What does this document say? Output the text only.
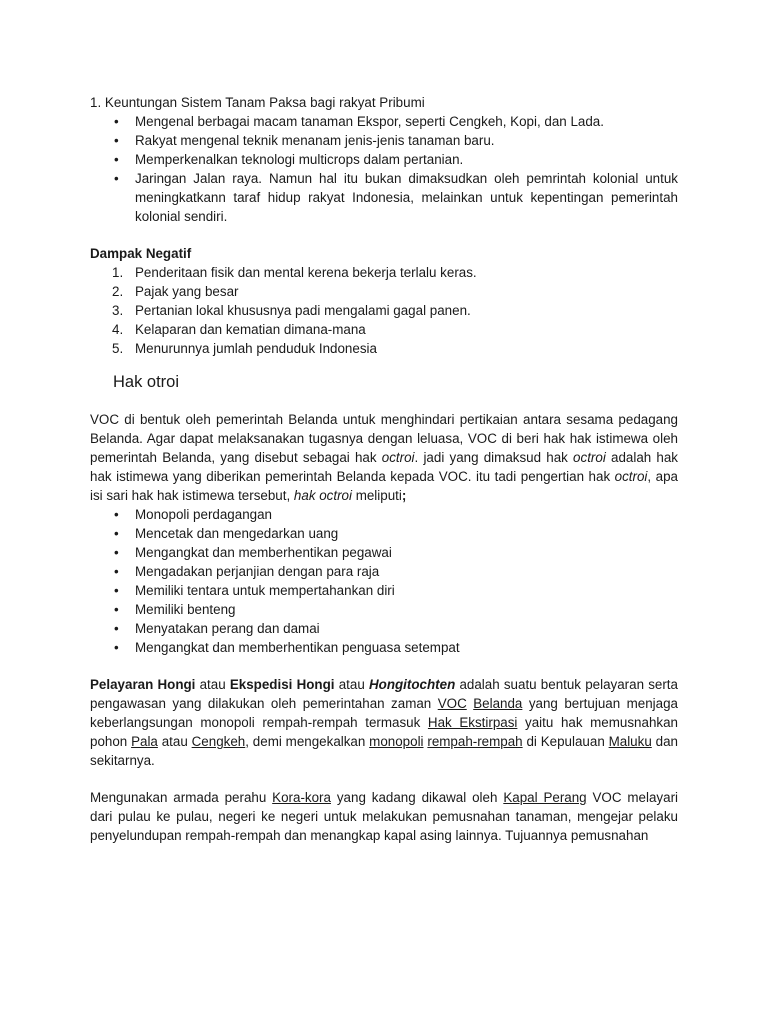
1. Keuntungan Sistem Tanam Paksa bagi rakyat Pribumi

• Mengenal berbagai macam tanaman Ekspor, seperti Cengkeh, Kopi, dan Lada.
• Rakyat mengenal teknik menanam jenis-jenis tanaman baru.
• Memperkenalkan teknologi multicrops dalam pertanian.
• Jaringan Jalan raya. Namun hal itu bukan dimaksudkan oleh pemrintah kolonial untuk meningkatkann taraf hidup rakyat Indonesia, melainkan untuk kepentingan pemerintah kolonial sendiri.

Dampak Negatif

1. Penderitaan fisik dan mental kerena bekerja terlalu keras.
2. Pajak yang besar
3. Pertanian lokal khususnya padi mengalami gagal panen.
4. Kelaparan dan kematian dimana-mana
5. Menurunnya jumlah penduduk Indonesia

Hak otroi

VOC di bentuk oleh pemerintah Belanda untuk menghindari pertikaian antara sesama pedagang Belanda. Agar dapat melaksanakan tugasnya dengan leluasa, VOC di beri hak hak istimewa oleh pemerintah Belanda, yang disebut sebagai hak octroi. jadi yang dimaksud hak octroi adalah hak hak istimewa yang diberikan pemerintah Belanda kepada VOC. itu tadi pengertian hak octroi, apa isi sari hak hak istimewa tersebut, hak octroi meliputi;

• Monopoli perdagangan
• Mencetak dan mengedarkan uang
• Mengangkat dan memberhentikan pegawai
• Mengadakan perjanjian dengan para raja
• Memiliki tentara untuk mempertahankan diri
• Memiliki benteng
• Menyatakan perang dan damai
• Mengangkat dan memberhentikan penguasa setempat

Pelayaran Hongi atau Ekspedisi Hongi atau Hongitochten adalah suatu bentuk pelayaran serta pengawasan yang dilakukan oleh pemerintahan zaman VOC Belanda yang bertujuan menjaga keberlangsungan monopoli rempah-rempah termasuk Hak Ekstirpasi yaitu hak memusnahkan pohon Pala atau Cengkeh, demi mengekalkan monopoli rempah-rempah di Kepulauan Maluku dan sekitarnya.

Mengunakan armada perahu Kora-kora yang kadang dikawal oleh Kapal Perang VOC melayari dari pulau ke pulau, negeri ke negeri untuk melakukan pemusnahan tanaman, mengejar pelaku penyelundupan rempah-rempah dan menangkap kapal asing lainnya. Tujuannya pemusnahan
